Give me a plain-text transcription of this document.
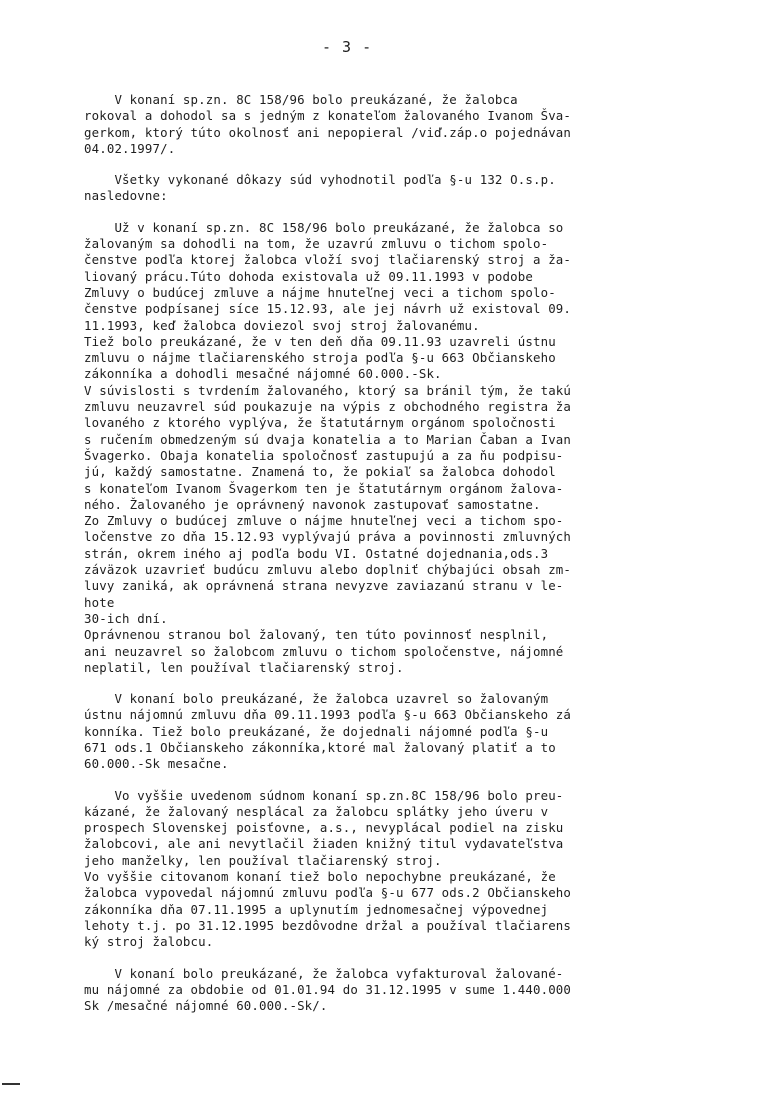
- 3 -
V konaní sp.zn. 8C 158/96 bolo preukázané, že žalobca
rokoval a dohodol sa s jedným z konateľom žalovaného Ivanom Šva-
gerkom, ktorý túto okolnosť ani nepopieral /viď.záp.o pojednávan
04.02.1997/.
Všetky vykonané dôkazy súd vyhodnotil podľa §-u 132 O.s.p.
nasledovne:
Už v konaní sp.zn. 8C 158/96 bolo preukázané, že žalobca so
žalovaným sa dohodli na tom, že uzavrú zmluvu o tichom spolo-
čenstve podľa ktorej žalobca vloží svoj tlačiarenský stroj a ža-
liovaný prácu.Túto dohoda existovala už 09.11.1993 v podobe
Zmluvy o budúcej zmluve a nájme hnuteľnej veci a tichom spolo-
čenstve podpísanej síce 15.12.93, ale jej návrh už existoval 09.
11.1993, keď žalobca doviezol svoj stroj žalovanému.
Tiež bolo preukázané, že v ten deň dňa 09.11.93 uzavreli ústnu
zmluvu o nájme tlačiarenského stroja podľa §-u 663 Občianskeho
zákonníka a dohodli mesačné nájomné 60.000.-Sk.
V súvislosti s tvrdením žalovaného, ktorý sa bránil tým, že takú
zmluvu neuzavrel súd poukazuje na výpis z obchodného registra ža
lovaného z ktorého vyplýva, že štatutárnym orgánom spoločnosti
s ručením obmedzeným sú dvaja konatelia a to Marian Čaban a Ivan
Švagerko. Obaja konatelia spoločnosť zastupujú a za ňu podpisu-
jú, každý samostatne. Znamená to, že pokiaľ sa žalobca dohodol
s konateľom Ivanom Švagerkom ten je štatutárnym orgánom žalova-
ného. Žalovaného je oprávnený navonok zastupovať samostatne.
Zo Zmluvy o budúcej zmluve o nájme hnuteľnej veci a tichom spo-
ločenstve zo dňa 15.12.93 vyplývajú práva a povinnosti zmluvných
strán, okrem iného aj podľa bodu VI. Ostatné dojednania,ods.3
záväzok uzavrieť budúcu zmluvu alebo doplniť chýbajúci obsah zm-
luvy zaniká, ak oprávnená strana nevyzve zaviazanú stranu v le-
hote
30-ich dní.
Oprávnenou stranou bol žalovaný, ten túto povinnosť nesplnil,
ani neuzavrel so žalobcom zmluvu o tichom spoločenstve, nájomné
neplatil, len používal tlačiarenský stroj.
V konaní bolo preukázané, že žalobca uzavrel so žalovaným
ústnu nájomnú zmluvu dňa 09.11.1993 podľa §-u 663 Občianskeho zá
konníka. Tiež bolo preukázané, že dojednali nájomné podľa §-u
671 ods.1 Občianskeho zákonníka,ktoré mal žalovaný platiť a to
60.000.-Sk mesačne.
Vo vyššie uvedenom súdnom konaní sp.zn.8C 158/96 bolo preu-
kázané, že žalovaný nesplácal za žalobcu splátky jeho úveru v
prospech Slovenskej poisťovne, a.s., nevyplácal podiel na zisku
žalobcovi, ale ani nevytlačil žiaden knižný titul vydavateľstva
jeho manželky, len používal tlačiarenský stroj.
Vo vyššie citovanom konaní tiež bolo nepochybne preukázané, že
žalobca vypovedal nájomnú zmluvu podľa §-u 677 ods.2 Občianskeho
zákonníka dňa 07.11.1995 a uplynutím jednomesačnej výpovednej
lehoty t.j. po 31.12.1995 bezdôvodne držal a používal tlačiarens
ký stroj žalobcu.
V konaní bolo preukázané, že žalobca vyfakturoval žalované-
mu nájomné za obdobie od 01.01.94 do 31.12.1995 v sume 1.440.000
Sk /mesačné nájomné 60.000.-Sk/.
